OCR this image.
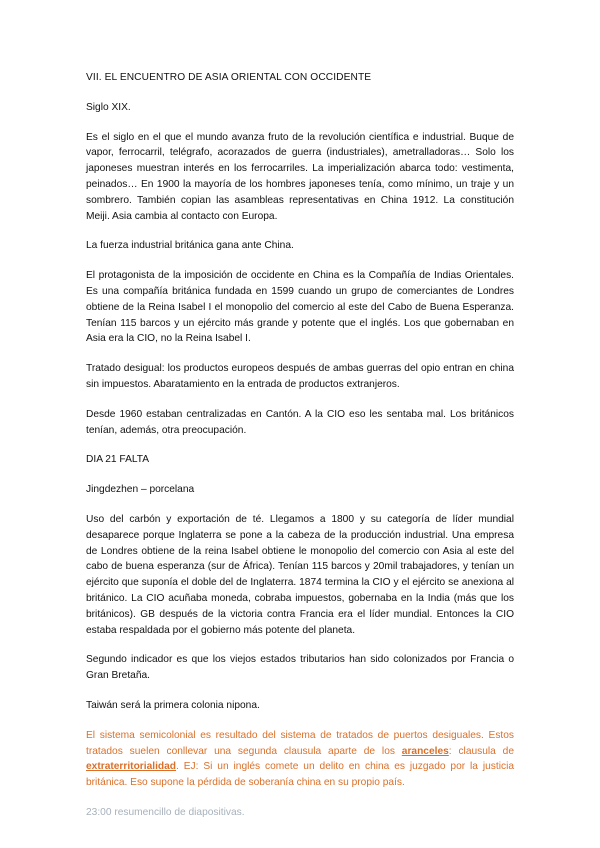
VII. EL ENCUENTRO DE ASIA ORIENTAL CON OCCIDENTE

Siglo XIX.

Es el siglo en el que el mundo avanza fruto de la revolución científica e industrial. Buque de vapor, ferrocarril, telégrafo, acorazados de guerra (industriales), ametralladoras… Solo los japoneses muestran interés en los ferrocarriles. La imperialización abarca todo: vestimenta, peinados… En 1900 la mayoría de los hombres japoneses tenía, como mínimo, un traje y un sombrero. También copian las asambleas representativas en China 1912. La constitución Meiji. Asia cambia al contacto con Europa.

La fuerza industrial británica gana ante China.

El protagonista de la imposición de occidente en China es la Compañía de Indias Orientales. Es una compañía británica fundada en 1599 cuando un grupo de comerciantes de Londres obtiene de la Reina Isabel I el monopolio del comercio al este del Cabo de Buena Esperanza. Tenían 115 barcos y un ejército más grande y potente que el inglés. Los que gobernaban en Asia era la CIO, no la Reina Isabel I.

Tratado desigual: los productos europeos después de ambas guerras del opio entran en china sin impuestos. Abaratamiento en la entrada de productos extranjeros.

Desde 1960 estaban centralizadas en Cantón. A la CIO eso les sentaba mal. Los británicos tenían, además, otra preocupación.

DIA 21 FALTA

Jingdezhen – porcelana

Uso del carbón y exportación de té. Llegamos a 1800 y su categoría de líder mundial desaparece porque Inglaterra se pone a la cabeza de la producción industrial. Una empresa de Londres obtiene de la reina Isabel obtiene le monopolio del comercio con Asia al este del cabo de buena esperanza (sur de África). Tenían 115 barcos y 20mil trabajadores, y tenían un ejército que suponía el doble del de Inglaterra. 1874 termina la CIO y el ejército se anexiona al británico. La CIO acuñaba moneda, cobraba impuestos, gobernaba en la India (más que los británicos). GB después de la victoria contra Francia era el líder mundial. Entonces la CIO estaba respaldada por el gobierno más potente del planeta.

Segundo indicador es que los viejos estados tributarios han sido colonizados por Francia o Gran Bretaña.

Taiwán será la primera colonia nipona.

El sistema semicolonial es resultado del sistema de tratados de puertos desiguales. Estos tratados suelen conllevar una segunda clausula aparte de los aranceles: clausula de extraterritorialidad. EJ: Si un inglés comete un delito en china es juzgado por la justicia británica. Eso supone la pérdida de soberanía china en su propio país.

23:00 resumencillo de diapositivas.
